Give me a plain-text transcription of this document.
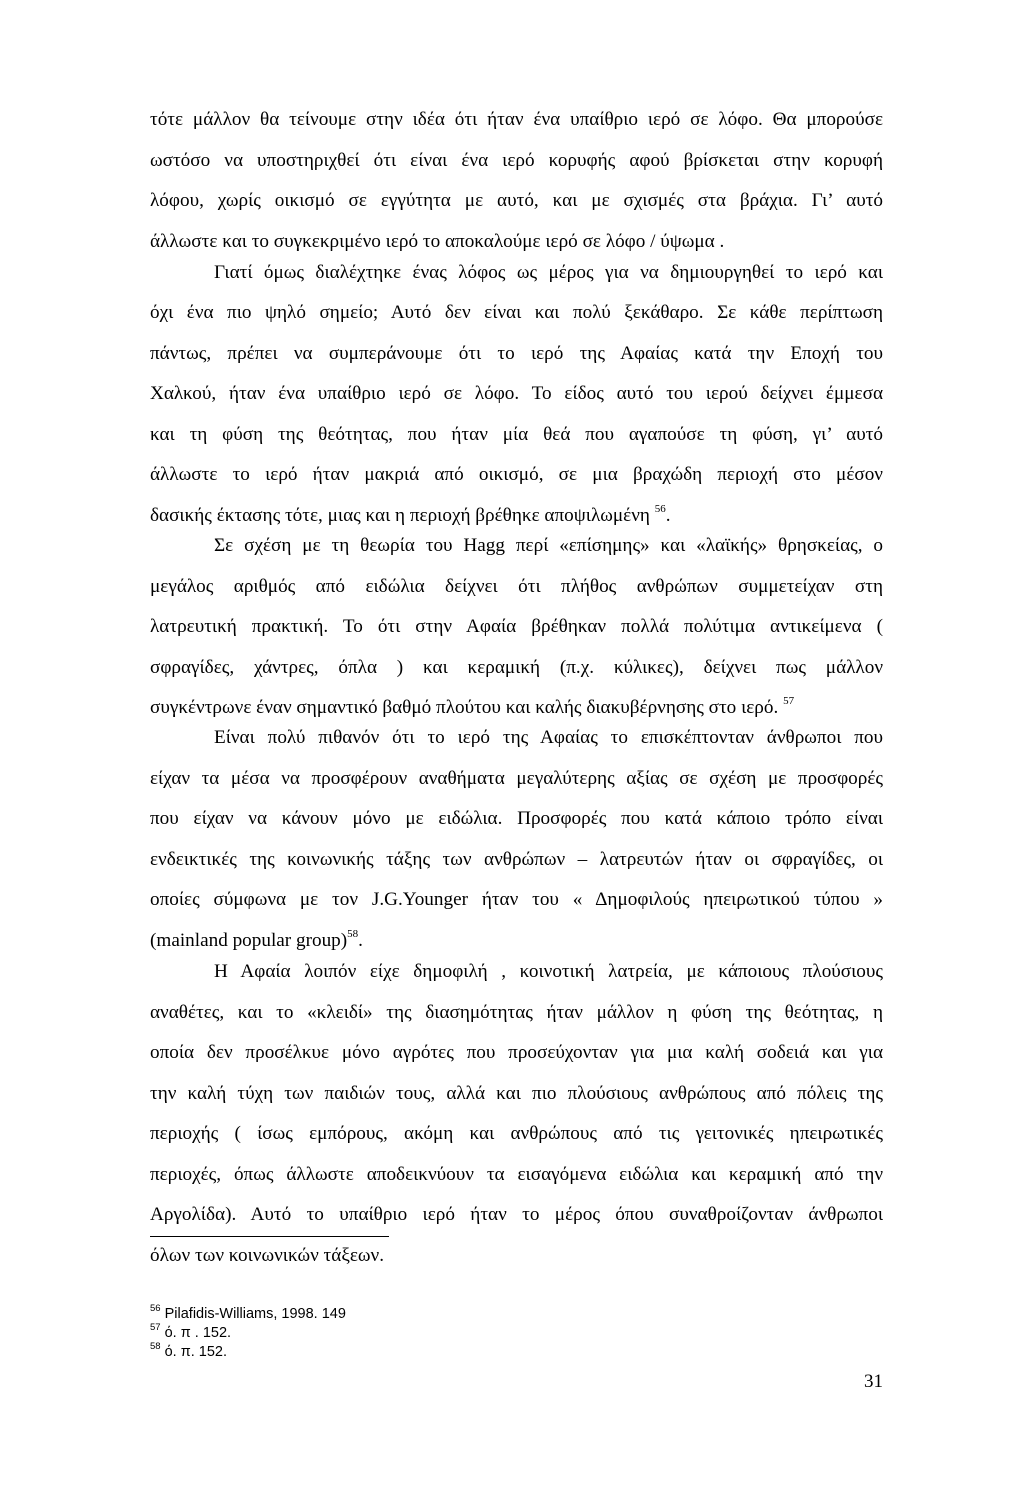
τότε μάλλον θα τείνουμε στην ιδέα ότι ήταν ένα υπαίθριο ιερό σε λόφο. Θα μπορούσε
ωστόσο να υποστηριχθεί ότι είναι ένα ιερό κορυφής αφού βρίσκεται στην κορυφή
λόφου, χωρίς οικισμό σε εγγύτητα με αυτό, και με σχισμές στα βράχια. Γι’ αυτό
άλλωστε και το συγκεκριμένο ιερό το αποκαλούμε ιερό σε λόφο / ύψωμα .
Γιατί όμως διαλέχτηκε ένας λόφος ως μέρος για να δημιουργηθεί το ιερό και
όχι ένα πιο ψηλό σημείο; Αυτό δεν είναι και πολύ ξεκάθαρο. Σε κάθε περίπτωση
πάντως, πρέπει να συμπεράνουμε ότι το ιερό της Αφαίας κατά την Εποχή του
Χαλκού, ήταν ένα υπαίθριο ιερό σε λόφο. Το είδος αυτό του ιερού δείχνει έμμεσα
και τη φύση της θεότητας, που ήταν μία θεά που αγαπούσε τη φύση, γι’ αυτό
άλλωστε το ιερό ήταν μακριά από οικισμό, σε μια βραχώδη περιοχή στο μέσον
δασικής έκτασης τότε, μιας και η περιοχή βρέθηκε αποψιλωμένη $^{56}$.
Σε σχέση με τη θεωρία του Hagg περί «επίσημης» και «λαϊκής» θρησκείας, ο
μεγάλος αριθμός από ειδώλια δείχνει ότι πλήθος ανθρώπων συμμετείχαν στη
λατρευτική πρακτική. Το ότι στην Αφαία βρέθηκαν πολλά πολύτιμα αντικείμενα (
σφραγίδες, χάντρες, όπλα ) και κεραμική (π.χ. κύλικες), δείχνει πως μάλλον
συγκέντρωνε έναν σημαντικό βαθμό πλούτου και καλής διακυβέρνησης στο ιερό. $^{57}$
Είναι πολύ πιθανόν ότι το ιερό της Αφαίας το επισκέπτονταν άνθρωποι που
είχαν τα μέσα να προσφέρουν αναθήματα μεγαλύτερης αξίας σε σχέση με προσφορές
που είχαν να κάνουν μόνο με ειδώλια. Προσφορές που κατά κάποιο τρόπο είναι
ενδεικτικές της κοινωνικής τάξης των ανθρώπων – λατρευτών ήταν οι σφραγίδες, οι
οποίες σύμφωνα με τον J.G.Younger ήταν του « Δημοφιλούς ηπειρωτικού τύπου »
(mainland popular group)$^{58}$.
Η Αφαία λοιπόν είχε δημοφιλή , κοινοτική λατρεία, με κάποιους πλούσιους
αναθέτες, και το «κλειδί» της διασημότητας ήταν μάλλον η φύση της θεότητας, η
οποία δεν προσέλκυε μόνο αγρότες που προσεύχονταν για μια καλή σοδειά και για
την καλή τύχη των παιδιών τους, αλλά και πιο πλούσιους ανθρώπους από πόλεις της
περιοχής ( ίσως εμπόρους, ακόμη και ανθρώπους από τις γειτονικές ηπειρωτικές
περιοχές, όπως άλλωστε αποδεικνύουν τα εισαγόμενα ειδώλια και κεραμική από την
Αργολίδα). Αυτό το υπαίθριο ιερό ήταν το μέρος όπου συναθροίζονταν άνθρωποι
όλων των κοινωνικών τάξεων.
$^{56}$ Pilafidis-Williams, 1998. 149
$^{57}$ ό. π . 152.
$^{58}$ ό. π. 152.
31
